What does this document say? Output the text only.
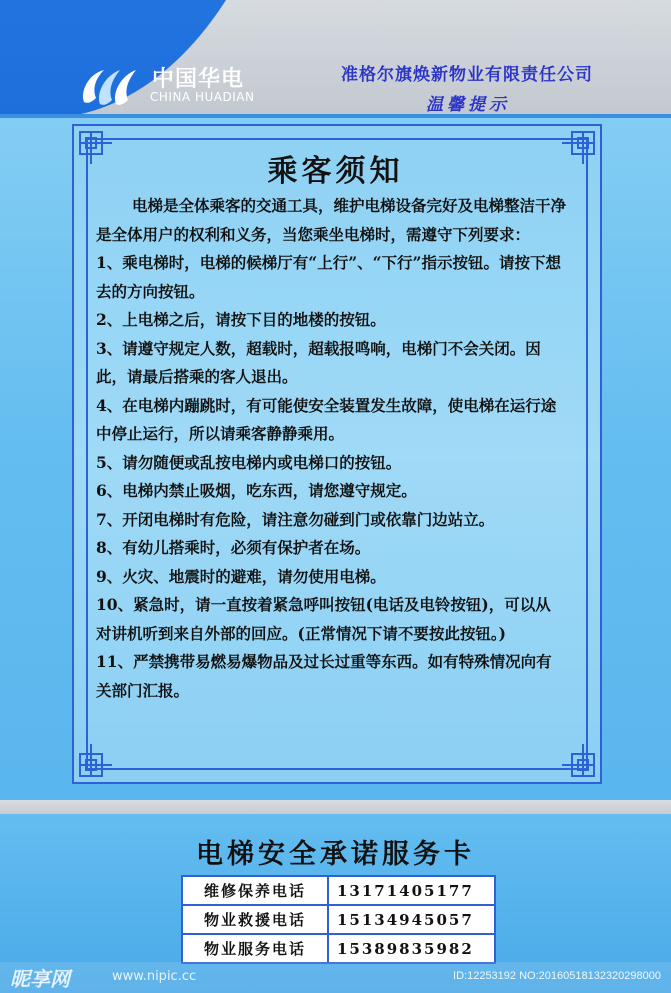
中国华电
CHINA HUADIAN
准格尔旗焕新物业有限责任公司
温馨提示
乘客须知

电梯是全体乘客的交通工具，维护电梯设备完好及电梯整洁干净是全体用户的权利和义务，当您乘坐电梯时，需遵守下列要求：

1、乘电梯时，电梯的候梯厅有“上行”、“下行”指示按钮。请按下想去的方向按钮。

2、上电梯之后，请按下目的地楼的按钮。

3、请遵守规定人数，超载时，超载报鸣响，电梯门不会关闭。因此，请最后搭乘的客人退出。

4、在电梯内蹦跳时，有可能使安全装置发生故障，使电梯在运行途中停止运行，所以请乘客静静乘用。

5、请勿随便或乱按电梯内或电梯口的按钮。

6、电梯内禁止吸烟，吃东西，请您遵守规定。

7、开闭电梯时有危险，请注意勿碰到门或依靠门边站立。

8、有幼儿搭乘时，必须有保护者在场。

9、火灾、地震时的避难，请勿使用电梯。

10、紧急时，请一直按着紧急呼叫按钮(电话及电铃按钮)，可以从对讲机听到来自外部的回应。(正常情况下请不要按此按钮。)

11、严禁携带易燃易爆物品及过长过重等东西。如有特殊情况向有关部门汇报。

电梯安全承诺服务卡
维修保养电话	13171405177
物业救援电话	15134945057
物业服务电话	15389835982
昵享网	www.nipic.cc	ID:12253192 NO:20160518132320298000
